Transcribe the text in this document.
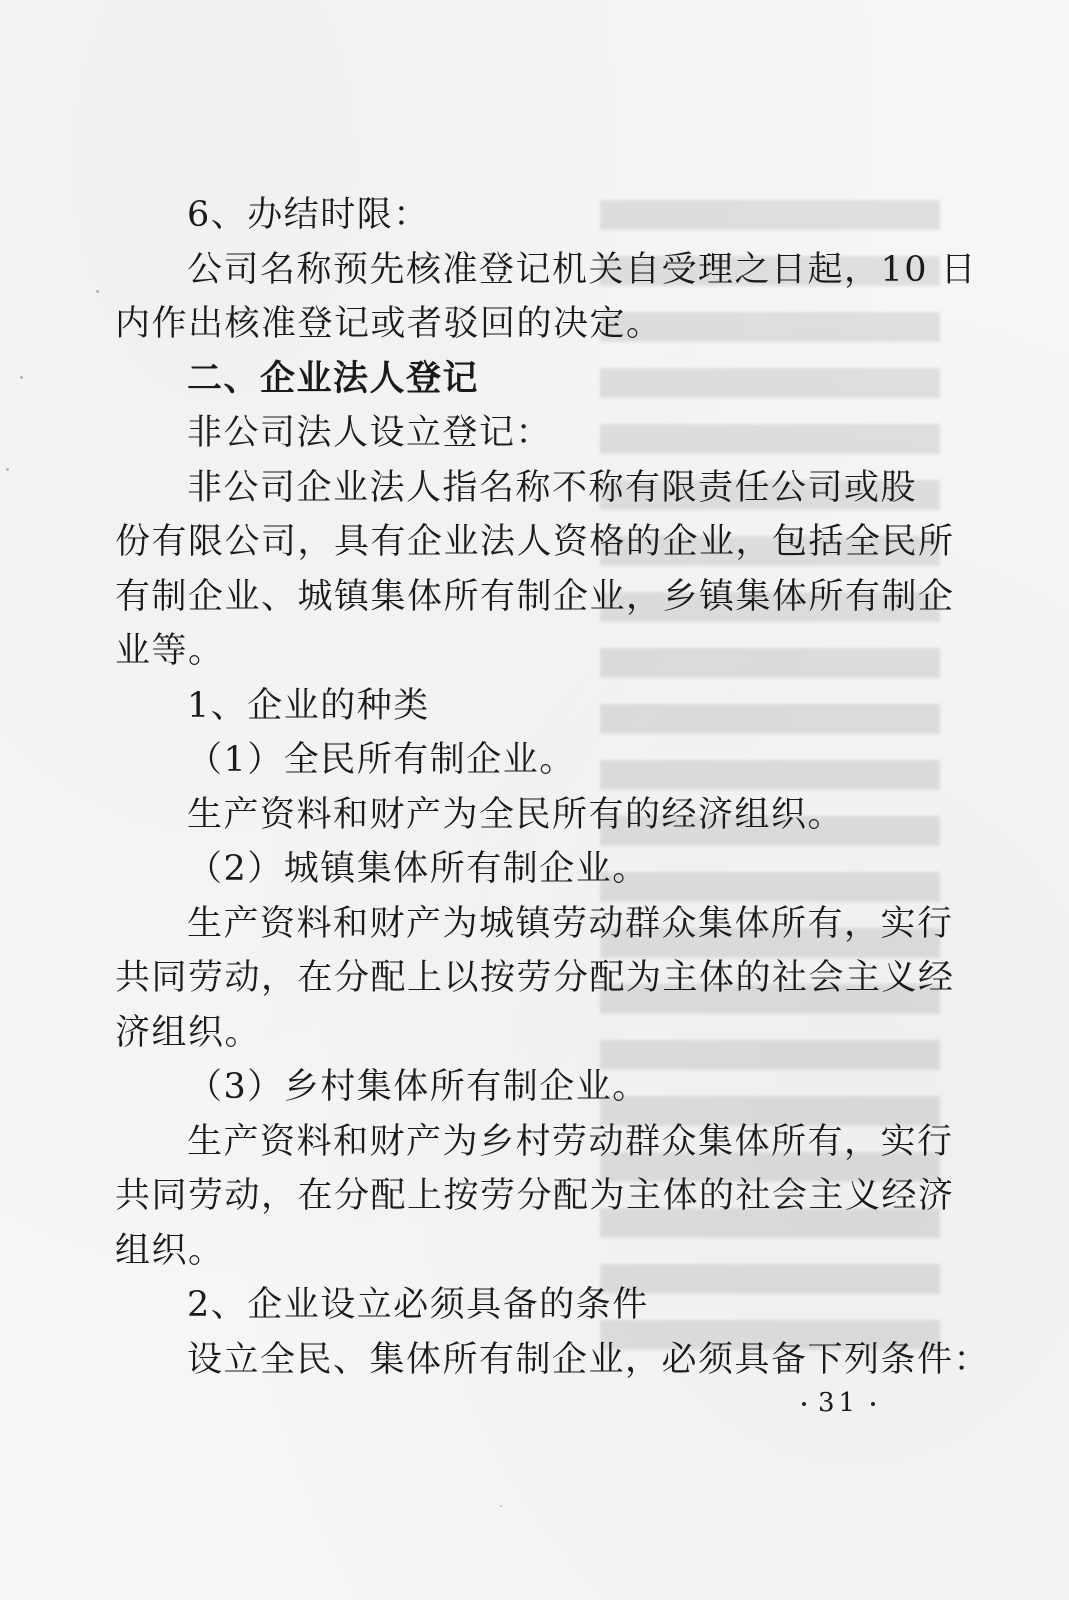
6、办结时限：
公司名称预先核准登记机关自受理之日起，10 日
内作出核准登记或者驳回的决定。
二、企业法人登记
非公司法人设立登记：
非公司企业法人指名称不称有限责任公司或股
份有限公司，具有企业法人资格的企业，包括全民所
有制企业、城镇集体所有制企业，乡镇集体所有制企
业等。
1、企业的种类
（1）全民所有制企业。
生产资料和财产为全民所有的经济组织。
（2）城镇集体所有制企业。
生产资料和财产为城镇劳动群众集体所有，实行
共同劳动，在分配上以按劳分配为主体的社会主义经
济组织。
（3）乡村集体所有制企业。
生产资料和财产为乡村劳动群众集体所有，实行
共同劳动，在分配上按劳分配为主体的社会主义经济
组织。
2、企业设立必须具备的条件
设立全民、集体所有制企业，必须具备下列条件：
31
